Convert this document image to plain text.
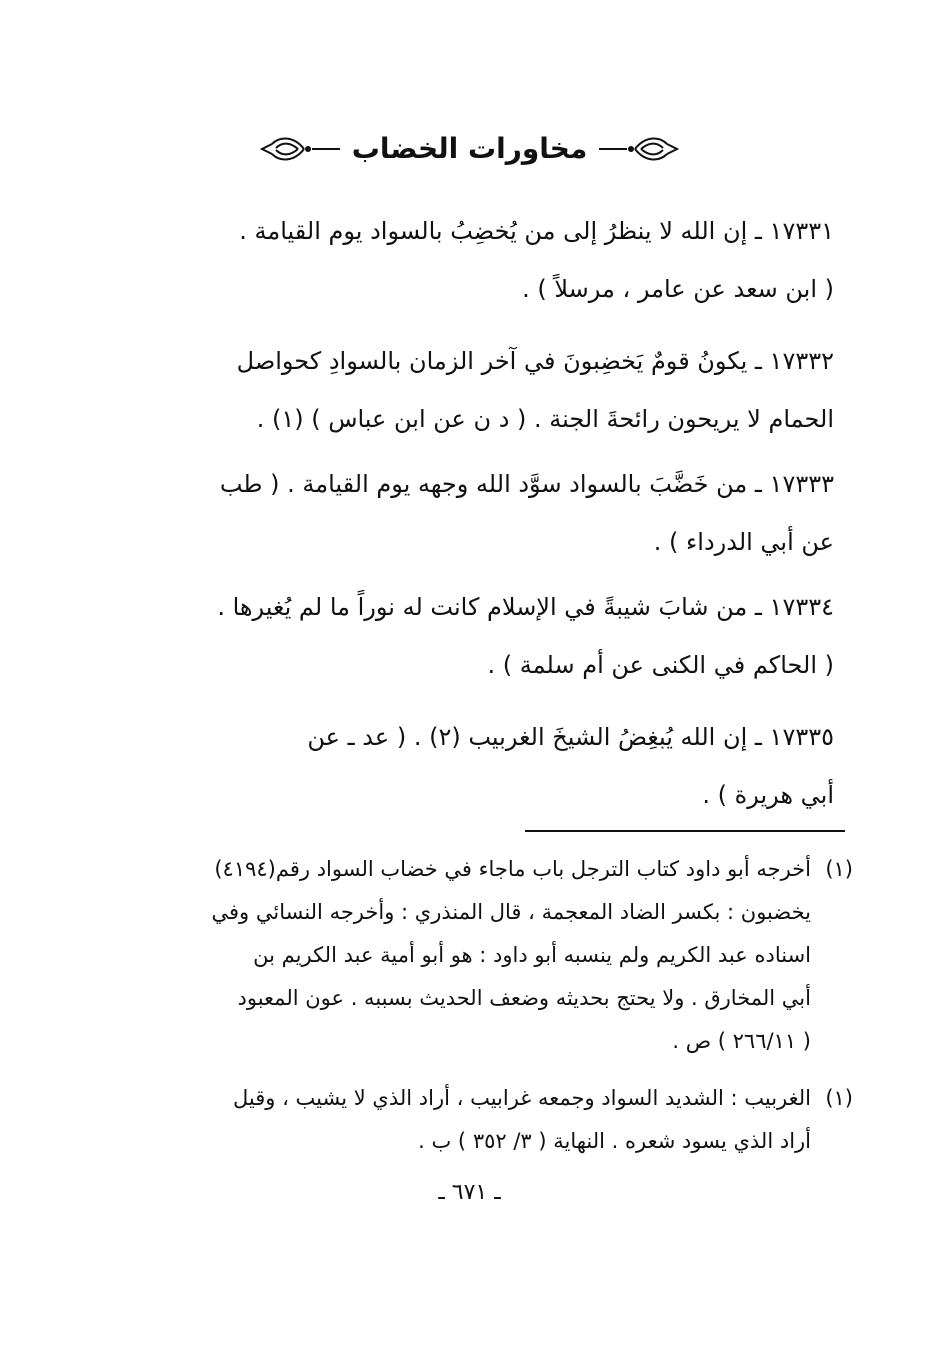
مخاورات الخضاب
١٧٣٣١ ـ إن الله لا ينظرُ إلى من يُخضِبُ بالسواد يوم القيامة .
( ابن سعد عن عامر ، مرسلاً ) .
١٧٣٣٢ ـ يكونُ قومٌ يَخضِبونَ في آخر الزمان بالسوادِ كحواصل
الحمام لا يريحون رائحةَ الجنة . ( د ن عن ابن عباس ) (١) .
١٧٣٣٣ ـ من خَضَّبَ بالسواد سوَّد الله وجهه يوم القيامة . ( طب
عن أبي الدرداء ) .
١٧٣٣٤ ـ من شابَ شيبةً في الإسلام كانت له نوراً ما لم يُغيرها .
( الحاكم في الكنى عن أم سلمة ) .
١٧٣٣٥ ـ إن الله يُبغِضُ الشيخَ الغربيب (٢) . ( عد ـ عن
أبي هريرة ) .
(١)
أخرجه أبو داود كتاب الترجل باب ماجاء في خضاب السواد رقم(٤١٩٤)
يخضبون : بكسر الضاد المعجمة ، قال المنذري : وأخرجه النسائي وفي
اسناده عبد الكريم ولم ينسبه أبو داود : هو أبو أمية عبد الكريم بن
أبي المخارق . ولا يحتج بحديثه وضعف الحديث بسببه . عون المعبود
( ٢٦٦/١١ ) ص .
(١)
الغربيب : الشديد السواد وجمعه غرابيب ، أراد الذي لا يشيب ، وقيل
أراد الذي يسود شعره . النهاية ( ٣/ ٣٥٢ ) ب .
ـ ٦٧١ ـ
